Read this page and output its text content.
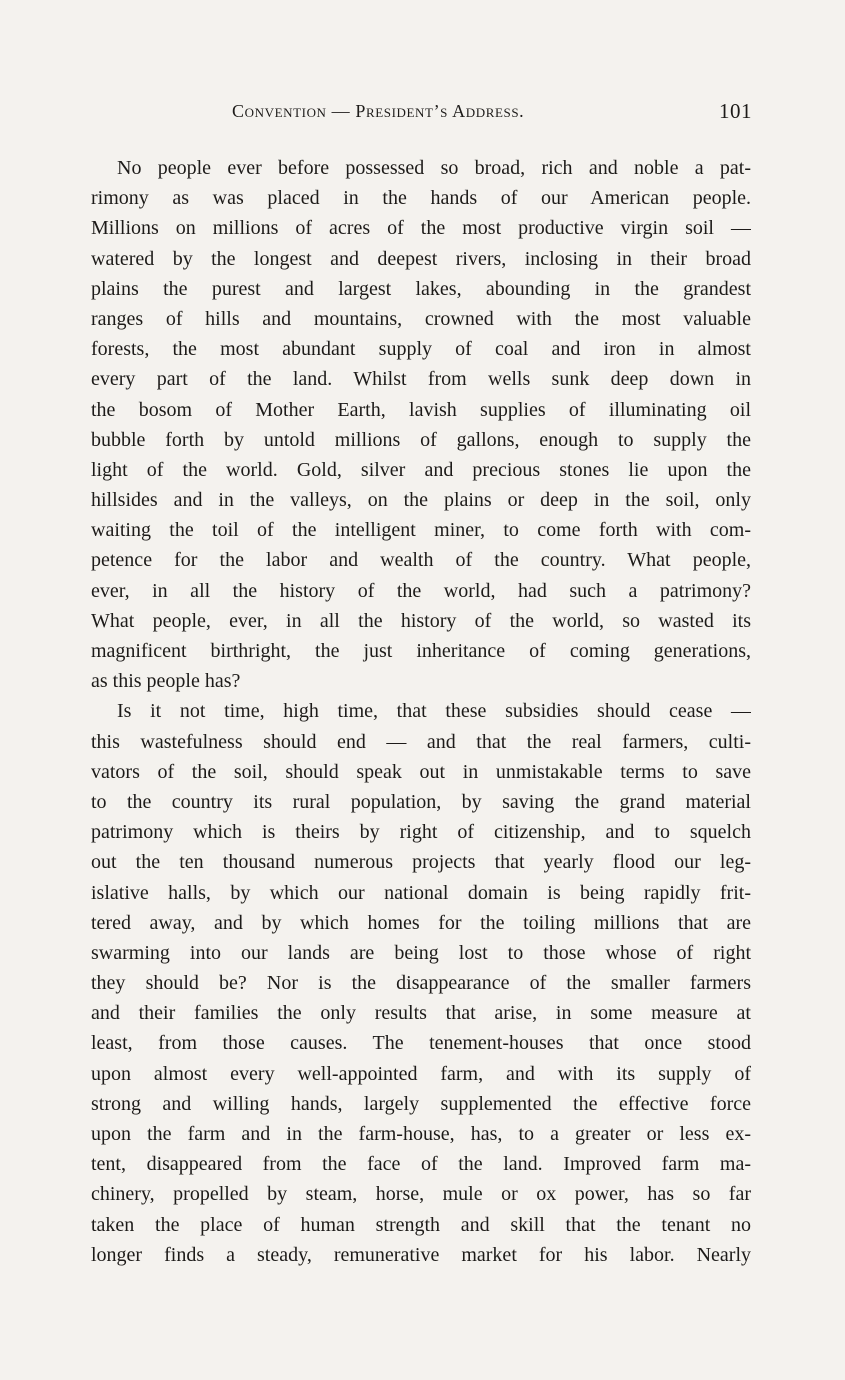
Convention — President’s Address.	101
No people ever before possessed so broad, rich and noble a pat-
rimony as was placed in the hands of our American people.
Millions on millions of acres of the most productive virgin soil —
watered by the longest and deepest rivers, inclosing in their broad
plains the purest and largest lakes, abounding in the grandest
ranges of hills and mountains, crowned with the most valuable
forests, the most abundant supply of coal and iron in almost
every part of the land. Whilst from wells sunk deep down in
the bosom of Mother Earth, lavish supplies of illuminating oil
bubble forth by untold millions of gallons, enough to supply the
light of the world. Gold, silver and precious stones lie upon the
hillsides and in the valleys, on the plains or deep in the soil, only
waiting the toil of the intelligent miner, to come forth with com-
petence for the labor and wealth of the country. What people,
ever, in all the history of the world, had such a patrimony?
What people, ever, in all the history of the world, so wasted its
magnificent birthright, the just inheritance of coming generations,
as this people has?
Is it not time, high time, that these subsidies should cease —
this wastefulness should end — and that the real farmers, culti-
vators of the soil, should speak out in unmistakable terms to save
to the country its rural population, by saving the grand material
patrimony which is theirs by right of citizenship, and to squelch
out the ten thousand numerous projects that yearly flood our leg-
islative halls, by which our national domain is being rapidly frit-
tered away, and by which homes for the toiling millions that are
swarming into our lands are being lost to those whose of right
they should be? Nor is the disappearance of the smaller farmers
and their families the only results that arise, in some measure at
least, from those causes. The tenement-houses that once stood
upon almost every well-appointed farm, and with its supply of
strong and willing hands, largely supplemented the effective force
upon the farm and in the farm-house, has, to a greater or less ex-
tent, disappeared from the face of the land. Improved farm ma-
chinery, propelled by steam, horse, mule or ox power, has so far
taken the place of human strength and skill that the tenant no
longer finds a steady, remunerative market for his labor. Nearly
